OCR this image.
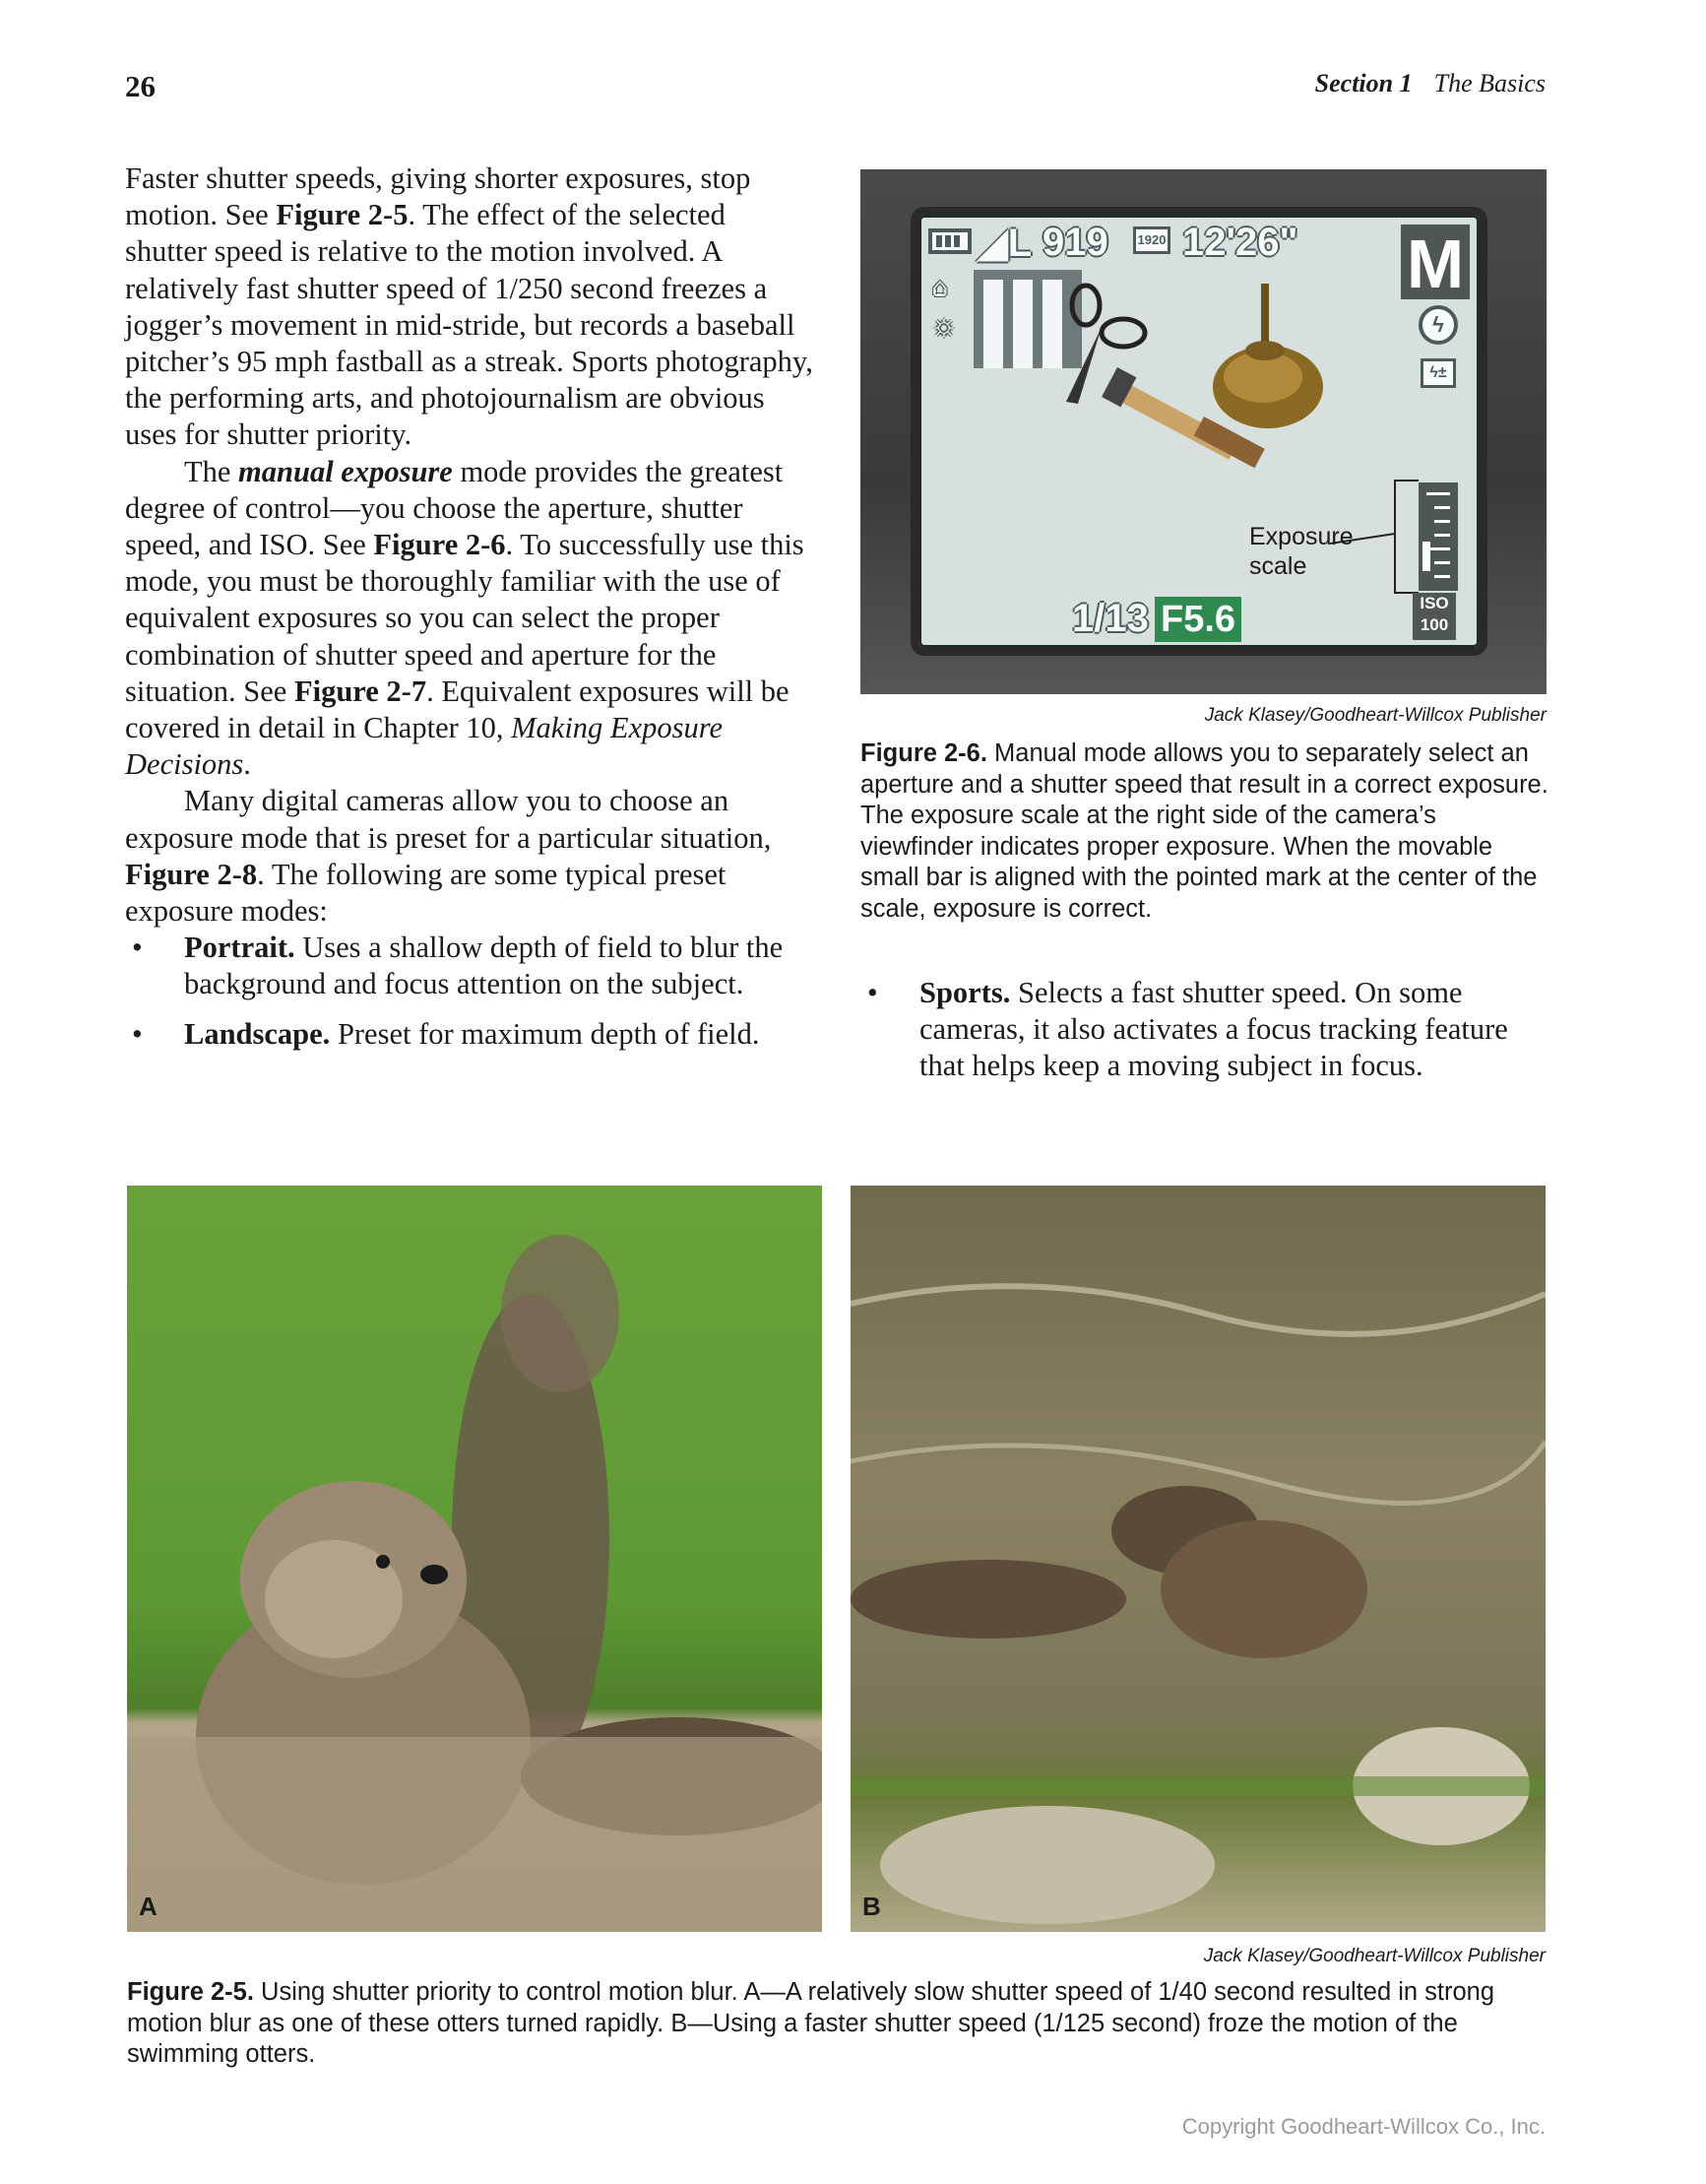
26	Section 1 The Basics

Faster shutter speeds, giving shorter exposures, stop motion. See Figure 2-5. The effect of the selected shutter speed is relative to the motion involved. A relatively fast shutter speed of 1/250 second freezes a jogger’s movement in mid-stride, but records a baseball pitcher’s 95 mph fastball as a streak. Sports photography, the performing arts, and photojournalism are obvious uses for shutter priority.

The manual exposure mode provides the greatest degree of control—you choose the aperture, shutter speed, and ISO. See Figure 2-6. To successfully use this mode, you must be thoroughly familiar with the use of equivalent exposures so you can select the proper combination of shutter speed and aperture for the situation. See Figure 2-7. Equivalent exposures will be covered in detail in Chapter 10, Making Exposure Decisions.

Many digital cameras allow you to choose an exposure mode that is preset for a particular situation, Figure 2-8. The following are some typical preset exposure modes:

• Portrait. Uses a shallow depth of field to blur the background and focus attention on the subject.
• Landscape. Preset for maximum depth of field.
◢L 919	1920 12'26" M
⌂
☼	ϟ
ϟ±
Exposure scale
1/13 F5.6	ISO
100
Jack Klasey/Goodheart-Willcox Publisher
Figure 2-6. Manual mode allows you to separately select an aperture and a shutter speed that result in a correct exposure. The exposure scale at the right side of the camera’s viewfinder indicates proper exposure. When the movable small bar is aligned with the pointed mark at the center of the scale, exposure is correct.
• Sports. Selects a fast shutter speed. On some cameras, it also activates a focus tracking feature that helps keep a moving subject in focus.
A	B
Jack Klasey/Goodheart-Willcox Publisher
Figure 2-5. Using shutter priority to control motion blur. A—A relatively slow shutter speed of 1/40 second resulted in strong motion blur as one of these otters turned rapidly. B—Using a faster shutter speed (1/125 second) froze the motion of the swimming otters.
Copyright Goodheart-Willcox Co., Inc.
